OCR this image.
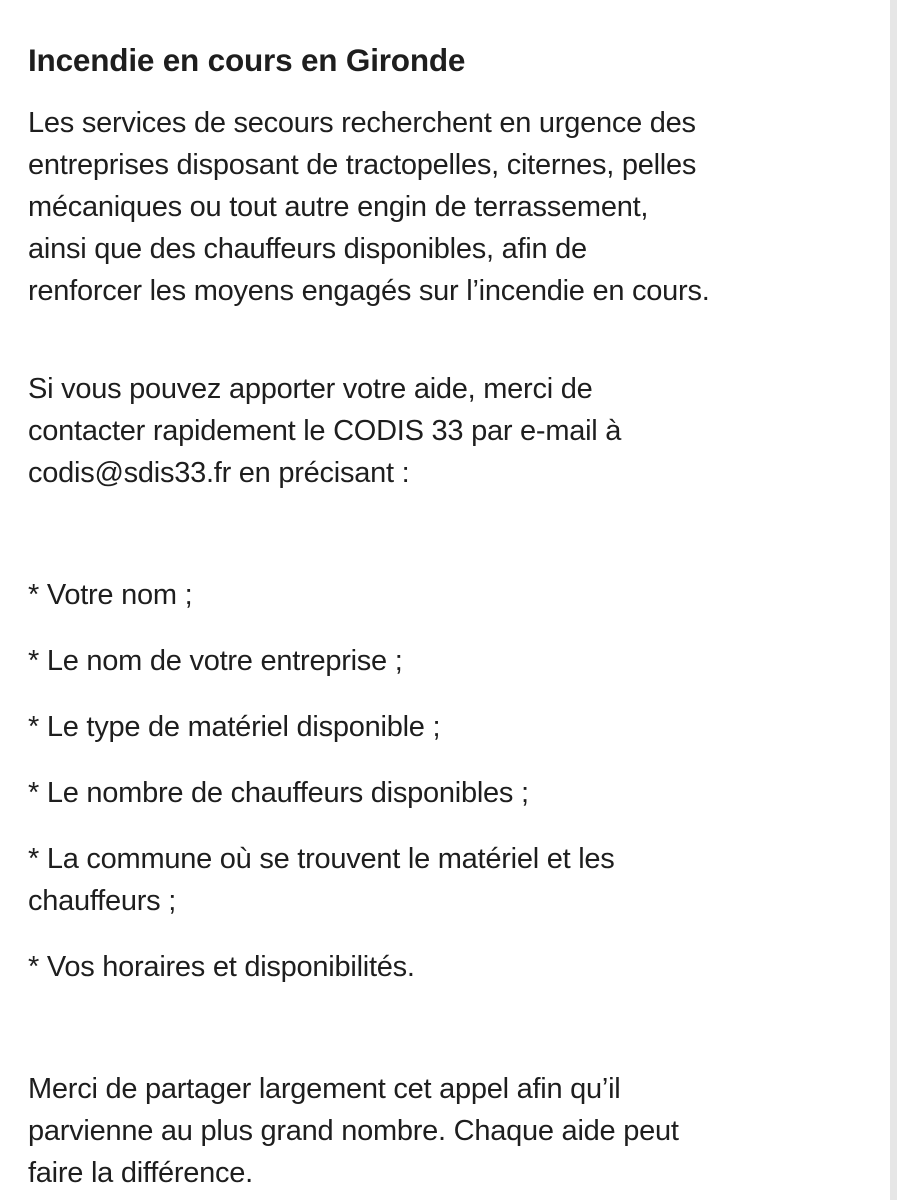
Incendie en cours en Gironde

Les services de secours recherchent en urgence des
entreprises disposant de tractopelles, citernes, pelles
mécaniques ou tout autre engin de terrassement,
ainsi que des chauffeurs disponibles, afin de
renforcer les moyens engagés sur l’incendie en cours.

Si vous pouvez apporter votre aide, merci de
contacter rapidement le CODIS 33 par e-mail à
codis@sdis33.fr en précisant :

* Votre nom ;
* Le nom de votre entreprise ;
* Le type de matériel disponible ;
* Le nombre de chauffeurs disponibles ;
* La commune où se trouvent le matériel et les
chauffeurs ;
* Vos horaires et disponibilités.

Merci de partager largement cet appel afin qu’il
parvienne au plus grand nombre. Chaque aide peut
faire la différence.
